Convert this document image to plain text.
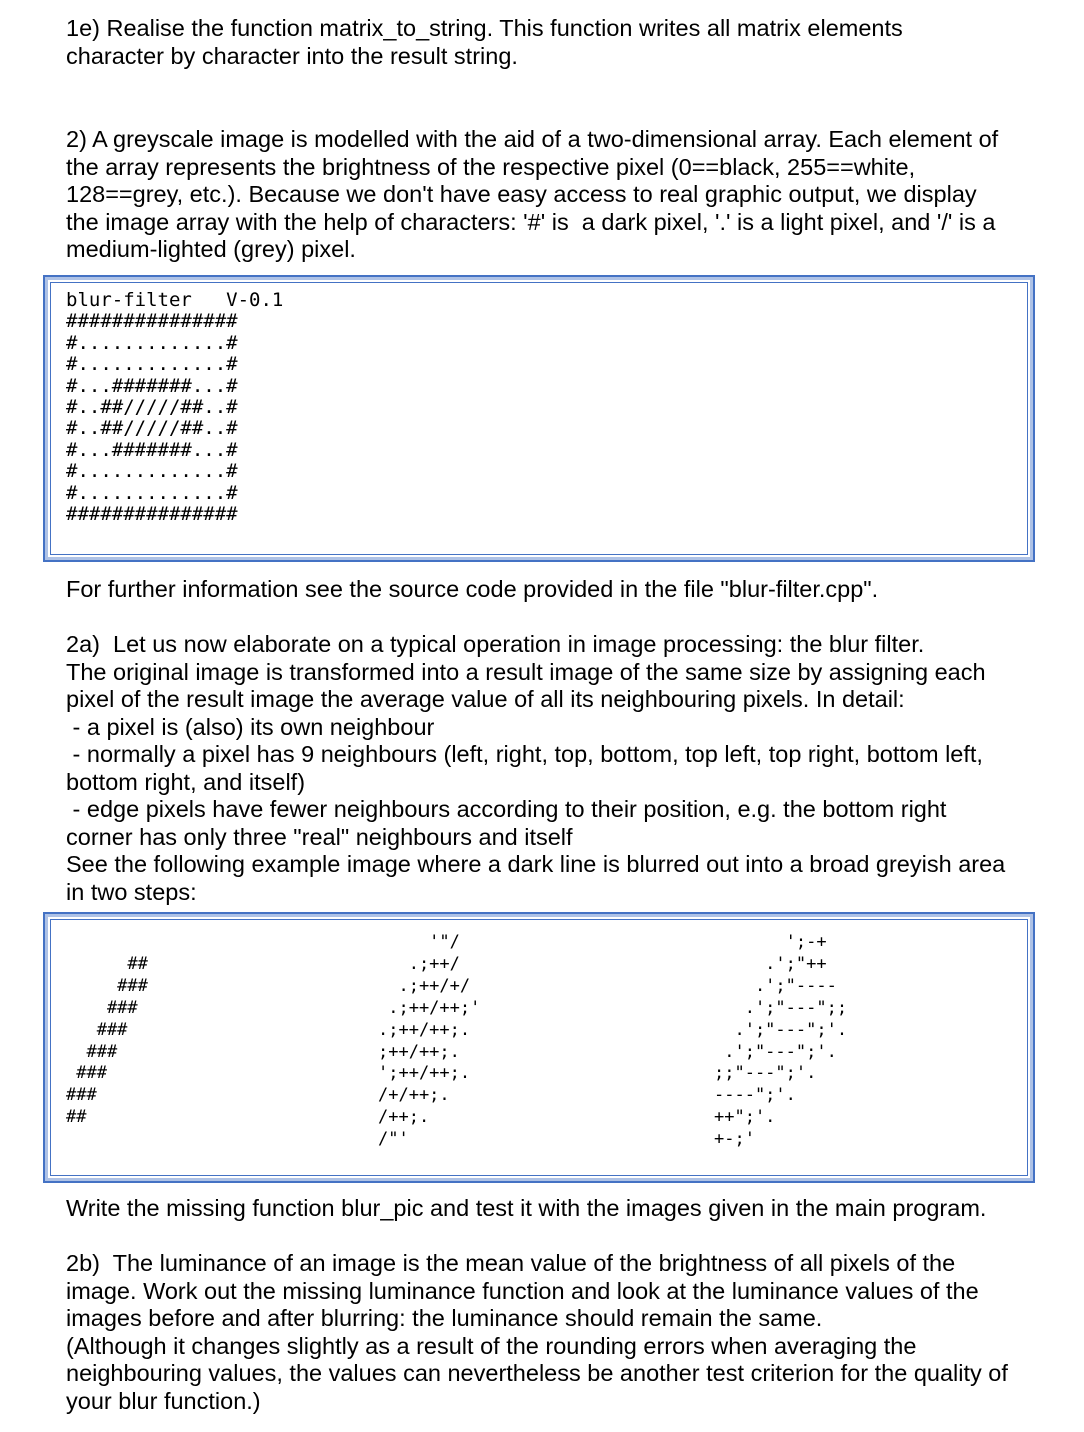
1e) Realise the function matrix_to_string. This function writes all matrix elements
character by character into the result string.
2) A greyscale image is modelled with the aid of a two-dimensional array. Each element of
the array represents the brightness of the respective pixel (0==black, 255==white,
128==grey, etc.). Because we don't have easy access to real graphic output, we display
the image array with the help of characters: '#' is  a dark pixel, '.' is a light pixel, and '/' is a
medium-lighted (grey) pixel.
blur-filter   V-0.1
###############
#.............#
#.............#
#...#######...#
#..##/////##..#
#..##/////##..#
#...#######...#
#.............#
#.............#
###############
For further information see the source code provided in the file "blur-filter.cpp".
2a)  Let us now elaborate on a typical operation in image processing: the blur filter.
The original image is transformed into a result image of the same size by assigning each
pixel of the result image the average value of all its neighbouring pixels. In detail:
- a pixel is (also) its own neighbour
- normally a pixel has 9 neighbours (left, right, top, bottom, top left, top right, bottom left,
bottom right, and itself)
- edge pixels have fewer neighbours according to their position, e.g. the bottom right
corner has only three "real" neighbours and itself
See the following example image where a dark line is blurred out into a broad greyish area
in two steps:

##
###
###
###
###
###
###
##

'"/
.;++/
.;++/+/
.;++/++;'
.;++/++;.
;++/++;.
';++/++;.
/+/++;.
/++;.
/"'
';-+
.';"++
.';"----
.';"---";;
.';"---";'.
.';"---";'.
;;"---";'.
----";'.
++";'.
+-;'
Write the missing function blur_pic and test it with the images given in the main program.
2b)  The luminance of an image is the mean value of the brightness of all pixels of the
image. Work out the missing luminance function and look at the luminance values of the
images before and after blurring: the luminance should remain the same.
(Although it changes slightly as a result of the rounding errors when averaging the
neighbouring values, the values can nevertheless be another test criterion for the quality of
your blur function.)
